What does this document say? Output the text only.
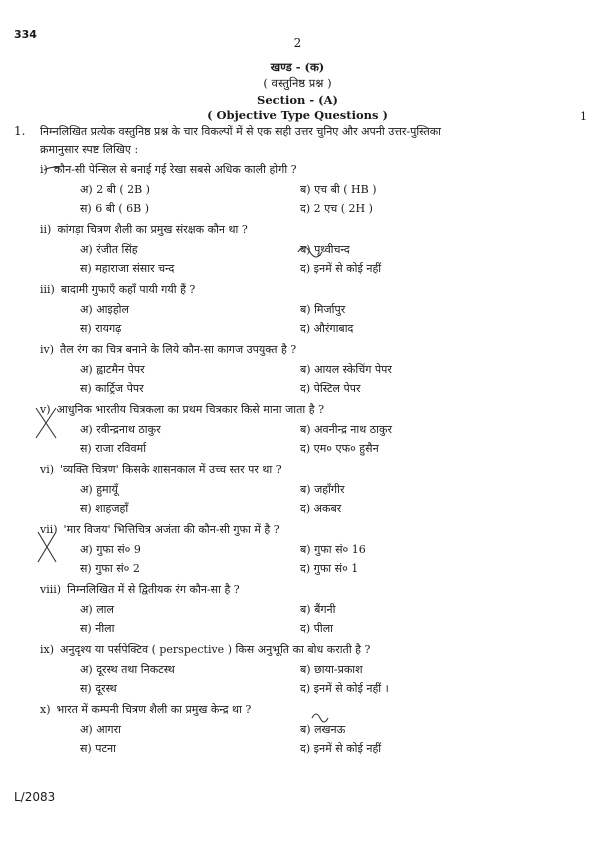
334
2
खण्ड - (क)
( वस्तुनिष्ठ प्रश्न )
Section - (A)
( Objective Type Questions )	1
1. निम्नलिखित प्रत्येक वस्तुनिष्ठ प्रश्न के चार विकल्पों में से एक सही उत्तर चुनिए और अपनी उत्तर-पुस्तिका
क्रमानुसार स्पष्ट लिखिए :
i) कौन-सी पेन्सिल से बनाई गई रेखा सबसे अधिक काली होगी ?
अ) 2 बी ( 2B )	ब) एच बी ( HB )
स) 6 बी ( 6B )	द) 2 एच ( 2H )
ii) कांगड़ा चित्रण शैली का प्रमुख संरक्षक कौन था ?
अ) रंजीत सिंह	ब) पृथ्वीचन्द
स) महाराजा संसार चन्द	द) इनमें से कोई नहीं
iii) बादामी गुफाएँ कहाँ पायी गयी हैं ?
अ) आइहोल	ब) मिर्जापुर
स) रायगढ़	द) औरंगाबाद
iv) तैल रंग का चित्र बनाने के लिये कौन-सा कागज उपयुक्त है ?
अ) ह्वाटमैन पेपर	ब) आयल स्केचिंग पेपर
स) कार्ट्रिज पेपर	द) पेस्टिल पेपर
v) आधुनिक भारतीय चित्रकला का प्रथम चित्रकार किसे माना जाता है ?
अ) रवीन्द्रनाथ ठाकुर	ब) अवनीन्द्र नाथ ठाकुर
स) राजा रविवर्मा	द) एम० एफ० हुसैन
vi) 'व्यक्ति चित्रण' किसके शासनकाल में उच्च स्तर पर था ?
अ) हुमायूँ	ब) जहाँगीर
स) शाहजहाँ	द) अकबर
vii) 'मार विजय' भित्तिचित्र अजंता की कौन-सी गुफा में है ?
अ) गुफा सं० 9	ब) गुफा सं० 16
स) गुफा सं० 2	द) गुफा सं० 1
viii) निम्नलिखित में से द्वितीयक रंग कौन-सा है ?
अ) लाल	ब) बैंगनी
स) नीला	द) पीला
ix) अनुदृश्य या पर्सपेक्टिव ( perspective ) किस अनुभूति का बोध कराती है ?
अ) दूरस्थ तथा निकटस्थ	ब) छाया-प्रकाश
स) दूरस्थ	द) इनमें से कोई नहीं ।
x) भारत में कम्पनी चित्रण शैली का प्रमुख केन्द्र था ?
अ) आगरा	ब) लखनऊ
स) पटना	द) इनमें से कोई नहीं
L/2083
